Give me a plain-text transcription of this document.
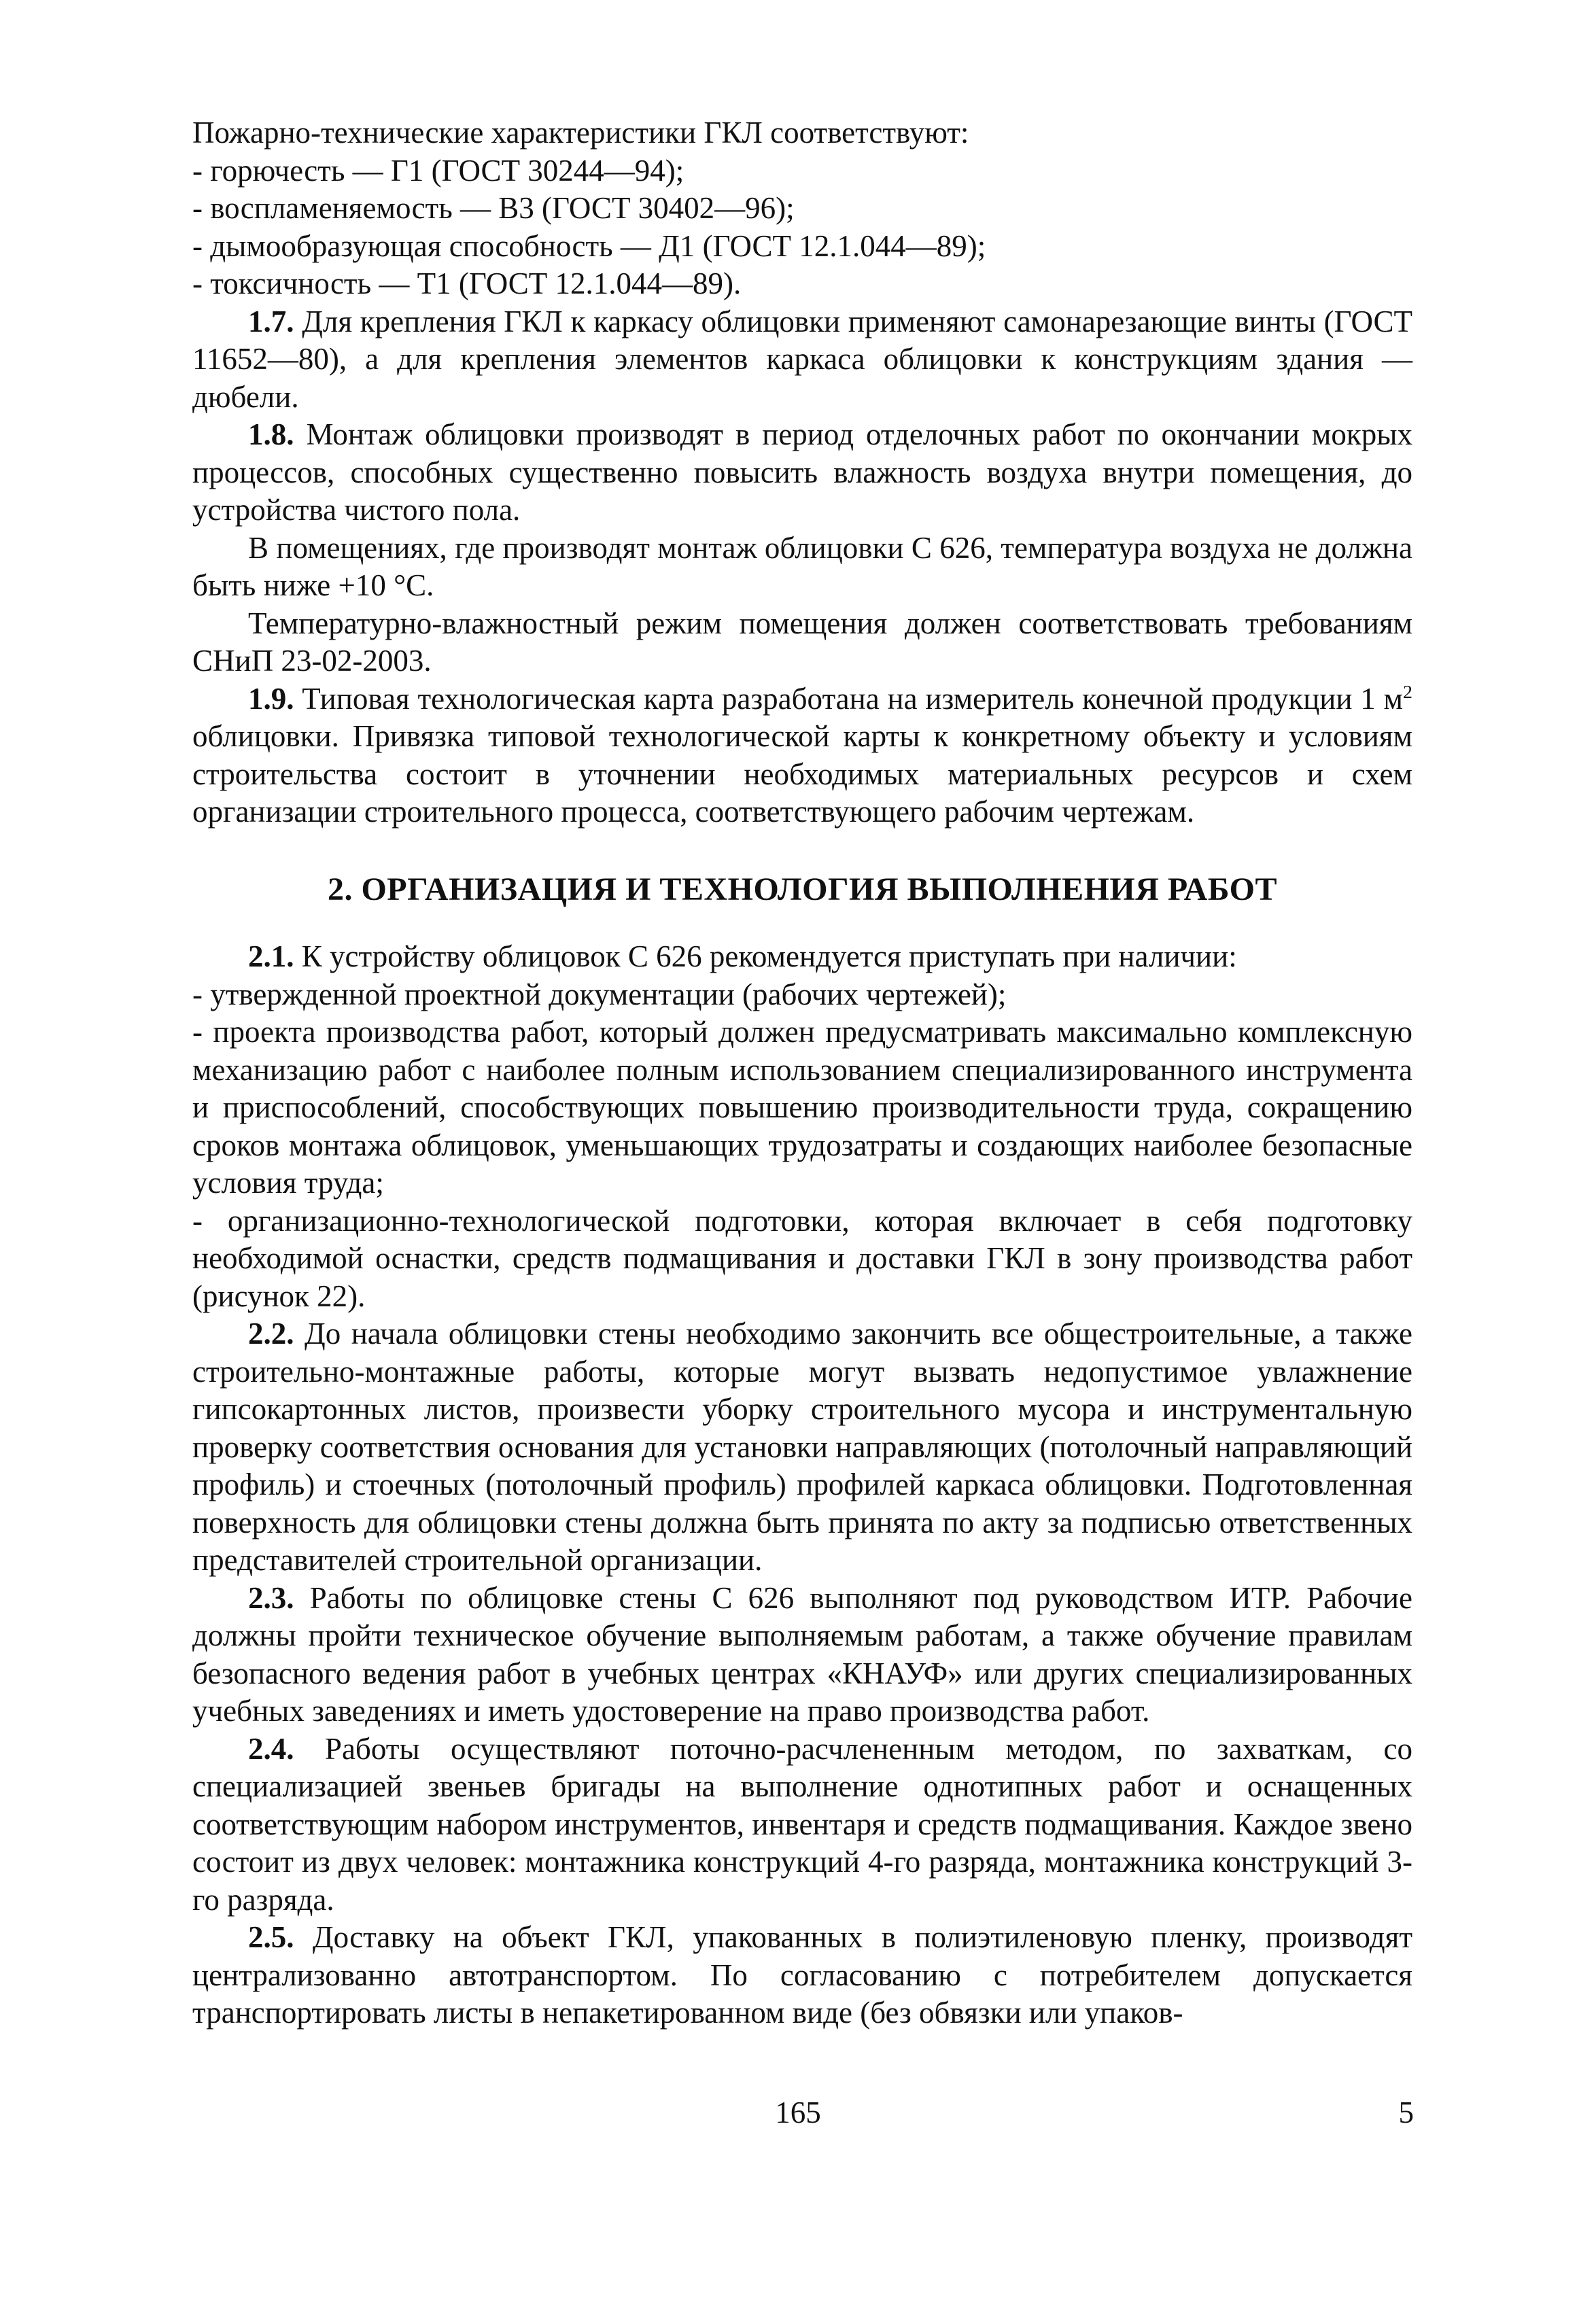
Пожарно-технические характеристики ГКЛ соответствуют:

- горючесть — Г1 (ГОСТ 30244—94);

- воспламеняемость — В3 (ГОСТ 30402—96);

- дымообразующая способность — Д1 (ГОСТ 12.1.044—89);

- токсичность — Т1 (ГОСТ 12.1.044—89).

1.7. Для крепления ГКЛ к каркасу облицовки применяют самонарезающие винты (ГОСТ 11652—80), а для крепления элементов каркаса облицовки к конструкциям здания — дюбели.

1.8. Монтаж облицовки производят в период отделочных работ по окончании мокрых процессов, способных существенно повысить влажность воздуха внутри помещения, до устройства чистого пола.

В помещениях, где производят монтаж облицовки С 626, температура воздуха не должна быть ниже +10 °С.

Температурно-влажностный режим помещения должен соответствовать требованиям СНиП 23-02-2003.

1.9. Типовая технологическая карта разработана на измеритель конечной продукции 1 $м^2$ облицовки. Привязка типовой технологической карты к конкретному объекту и условиям строительства состоит в уточнении необходимых материальных ресурсов и схем организации строительного процесса, соответствующего рабочим чертежам.

2. ОРГАНИЗАЦИЯ И ТЕХНОЛОГИЯ ВЫПОЛНЕНИЯ РАБОТ

2.1. К устройству облицовок С 626 рекомендуется приступать при наличии:

- утвержденной проектной документации (рабочих чертежей);

- проекта производства работ, который должен предусматривать максимально комплексную механизацию работ с наиболее полным использованием специализированного инструмента и приспособлений, способствующих повышению производительности труда, сокращению сроков монтажа облицовок, уменьшающих трудозатраты и создающих наиболее безопасные условия труда;

- организационно-технологической подготовки, которая включает в себя подготовку необходимой оснастки, средств подмащивания и доставки ГКЛ в зону производства работ (рисунок 22).

2.2. До начала облицовки стены необходимо закончить все общестроительные, а также строительно-монтажные работы, которые могут вызвать недопустимое увлажнение гипсокартонных листов, произвести уборку строительного мусора и инструментальную проверку соответствия основания для установки направляющих (потолочный направляющий профиль) и стоечных (потолочный профиль) профилей каркаса облицовки. Подготовленная поверхность для облицовки стены должна быть принята по акту за подписью ответственных представителей строительной организации.

2.3. Работы по облицовке стены С 626 выполняют под руководством ИТР. Рабочие должны пройти техническое обучение выполняемым работам, а также обучение правилам безопасного ведения работ в учебных центрах «КНАУФ» или других специализированных учебных заведениях и иметь удостоверение на право производства работ.

2.4. Работы осуществляют поточно-расчлененным методом, по захваткам, со специализацией звеньев бригады на выполнение однотипных работ и оснащенных соответствующим набором инструментов, инвентаря и средств подмащивания. Каждое звено состоит из двух человек: монтажника конструкций 4-го разряда, монтажника конструкций 3-го разряда.

2.5. Доставку на объект ГКЛ, упакованных в полиэтиленовую пленку, производят централизованно автотранспортом. По согласованию с потребителем допускается транспортировать листы в непакетированном виде (без обвязки или упаков-

165	5
